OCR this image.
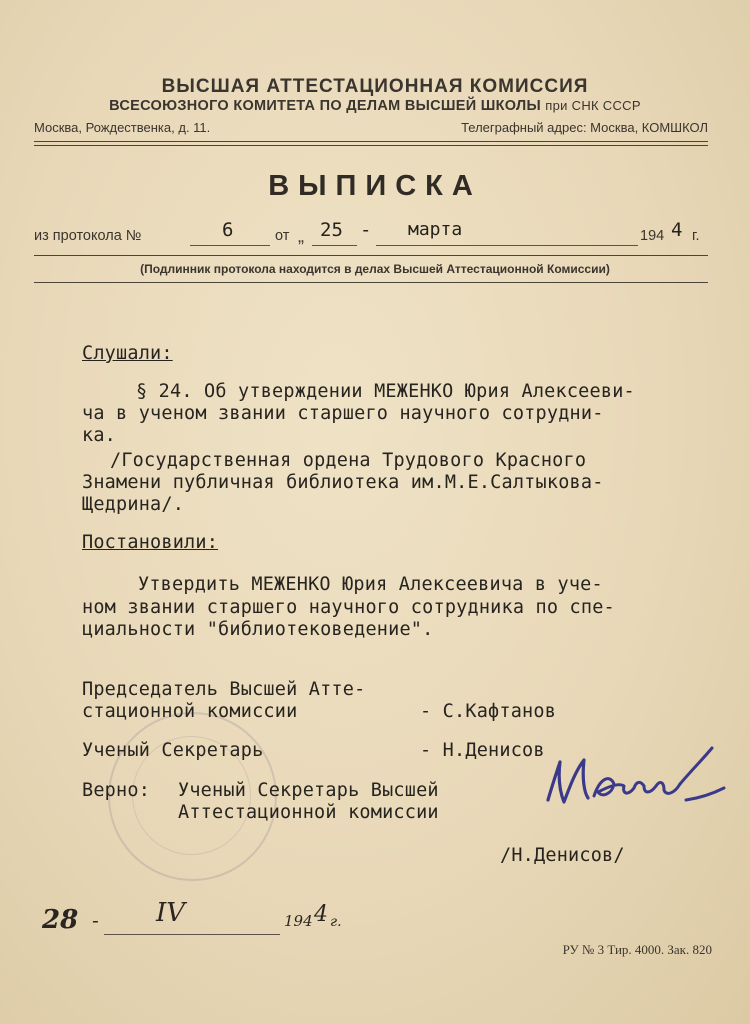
ВЫСШАЯ АТТЕСТАЦИОННАЯ КОМИССИЯ
ВСЕСОЮЗНОГО КОМИТЕТА ПО ДЕЛАМ ВЫСШЕЙ ШКОЛЫ при СНК СССР
Москва, Рождественка, д. 11.	Телеграфный адрес: Москва, КОМШКОЛ
ВЫПИСКА
из протокола №	6	от „ 25 - марта	194 4 г.
(Подлинник протокола находится в делах Высшей Аттестационной Комиссии)
Слушали:
§ 24. Об утверждении МЕЖЕНКО Юрия Алексееви-
ча в ученом звании старшего научного сотрудни-
ка.
/Государственная ордена Трудового Красного
Знамени публичная библиотека им.М.Е.Салтыкова-
Щедрина/.
Постановили:
Утвердить МЕЖЕНКО Юрия Алексеевича в уче-
ном звании старшего научного сотрудника по спе-
циальности "библиотековедение".
Председатель Высшей Атте-
стационной комиссии	- С.Кафтанов
Ученый Секретарь	- Н.Денисов
Верно: Ученый Секретарь Высшей
Аттестационной комиссии
/Н.Денисов/
28 - IV	194 4 г.
РУ № 3 Тир. 4000. Зак. 820
